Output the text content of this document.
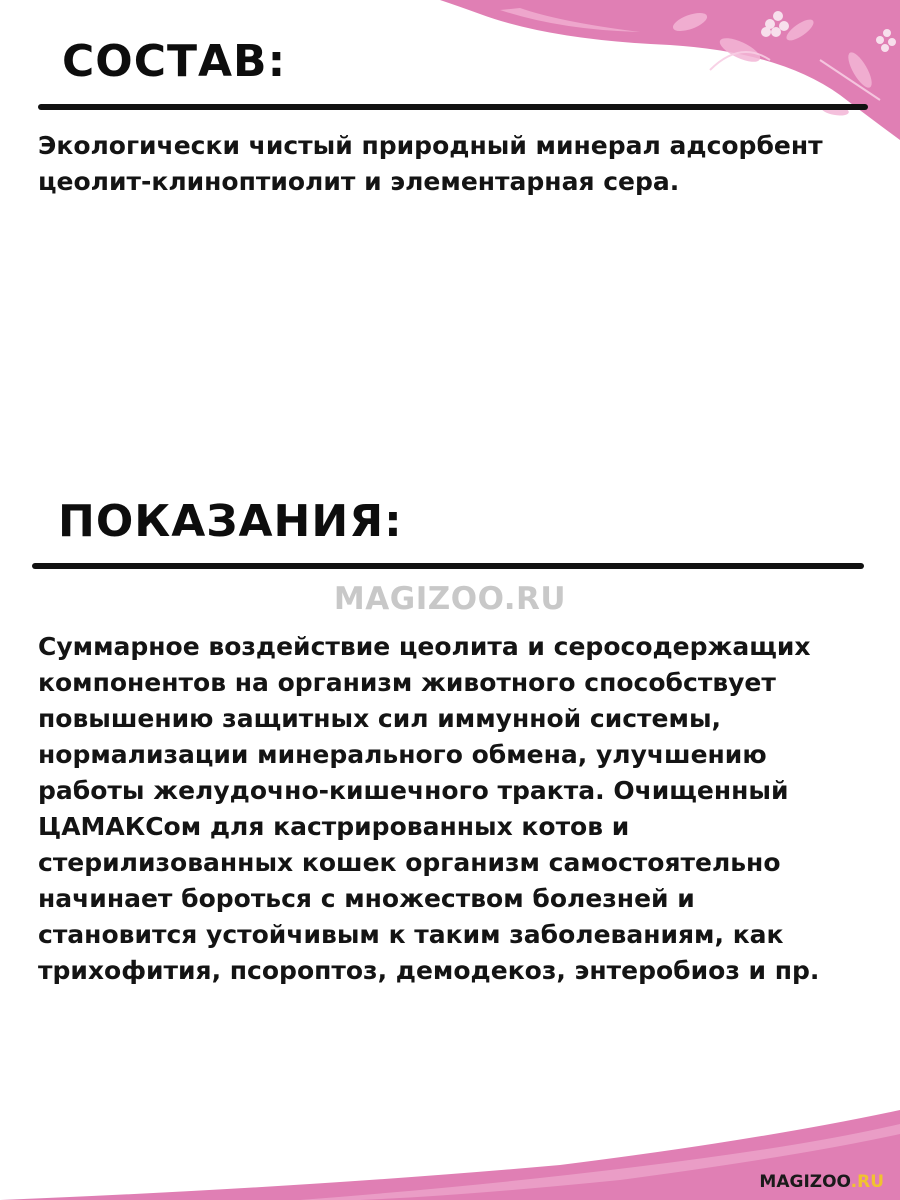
СОСТАВ:

Экологически чистый природный минерал адсорбент цеолит-клиноптиолит и элементарная сера.

ПОКАЗАНИЯ:
MAGIZOO.RU

Суммарное воздействие цеолита и серосодержащих компонентов на организм животного способствует повышению защитных сил иммунной системы, нормализации минерального обмена, улучшению работы желудочно-кишечного тракта. Очищенный ЦАМАКСом для кастрированных котов и стерилизованных кошек организм самостоятельно начинает бороться с множеством болезней и становится устойчивым к таким заболеваниям, как трихофития, псороптоз, демодекоз, энтеробиоз и пр.

MAGIZOO.RU
